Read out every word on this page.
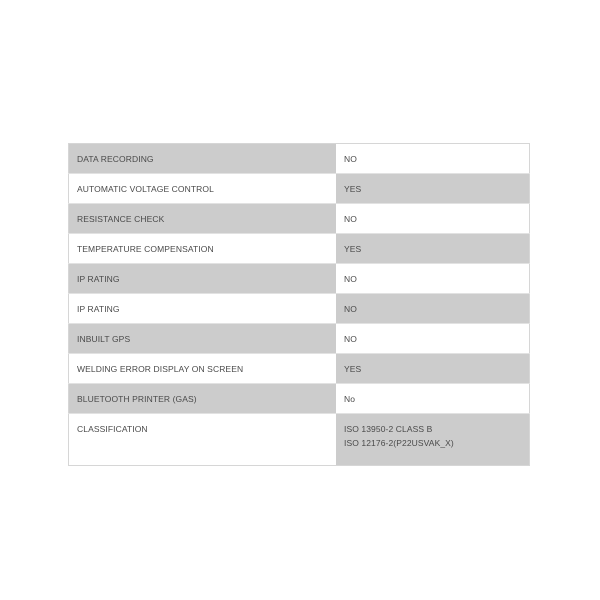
DATA RECORDING	NO
AUTOMATIC VOLTAGE CONTROL	YES
RESISTANCE CHECK	NO
TEMPERATURE COMPENSATION	YES
IP RATING	NO
IP RATING	NO
INBUILT GPS	NO
WELDING ERROR DISPLAY ON SCREEN	YES
BLUETOOTH PRINTER (GAS)	No
CLASSIFICATION	ISO 13950-2 CLASS B
ISO 12176-2(P22USVAK_X)
